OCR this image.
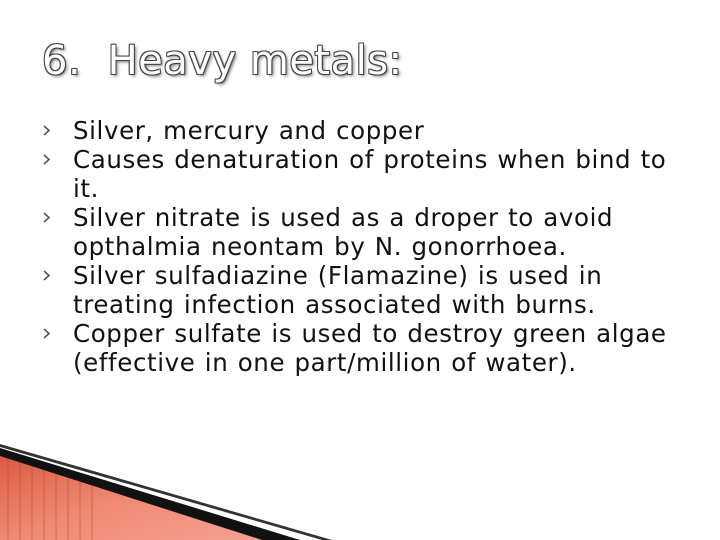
6.  Heavy metals:
Silver, mercury and copper
Causes denaturation of proteins when bind to it.
Silver nitrate is used as a droper to avoid opthalmia neontam by N. gonorrhoea.
Silver sulfadiazine (Flamazine) is used in treating infection associated with burns.
Copper sulfate is used to destroy green algae (effective in one part/million of water).
